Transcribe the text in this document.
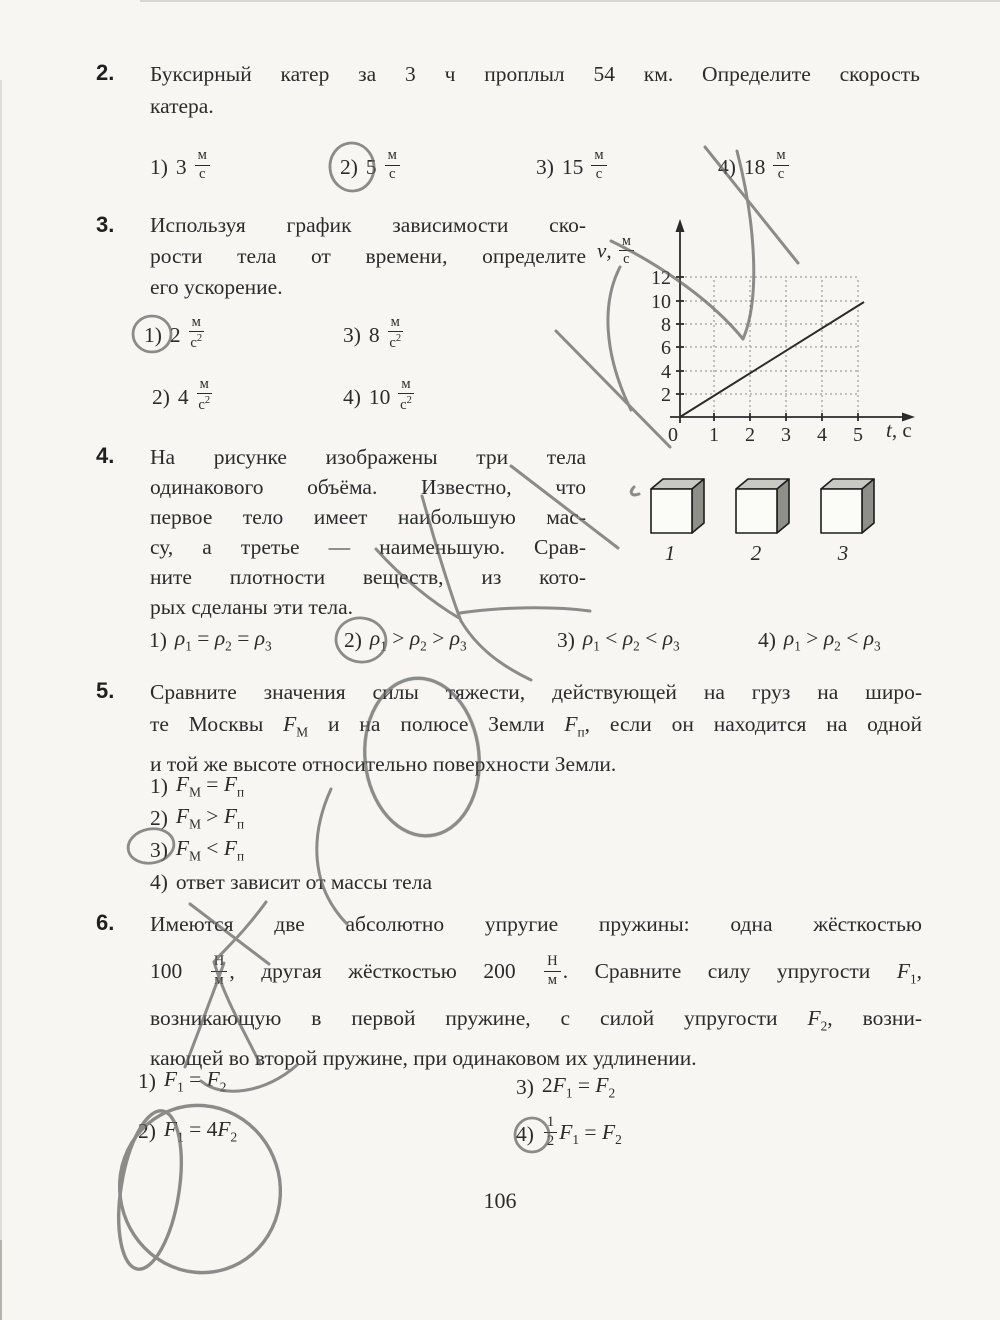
2. Буксирный катер за 3 ч проплыл 54 км. Определите скорость
катера.
1) $3 \frac{м}{с}$	2) $5 \frac{м}{с}$	3) $15 \frac{м}{с}$	4) $18 \frac{м}{с}$
3. Используя график зависимости ско-
рости тела от времени, определите
его ускорение.
1) $2 \frac{м}{с^2}$	3) $8 \frac{м}{с^2}$
2) $4 \frac{м}{с^2}$	4) $10 \frac{м}{с^2}$
0 1 2 3 4 5
2
4
6
8
10
12
v, $\frac{м}{с}$
t, с
4. На рисунке изображены три тела
одинакового объёма. Известно, что
первое тело имеет наибольшую мас-
су, а третье — наименьшую. Срав-
ните плотности веществ, из кото-
рых сделаны эти тела.
1	2	3
1) $\rho_1 = \rho_2 = \rho_3$	2) $\rho_1 > \rho_2 > \rho_3$	3) $\rho_1 < \rho_2 < \rho_3$	4) $\rho_1 > \rho_2 < \rho_3$
5. Сравните значения силы тяжести, действующей на груз на широ-
те Москвы $F_М$ и на полюсе Земли $F_п$, если он находится на одной
и той же высоте относительно поверхности Земли.
1) $F_М = F_п$
2) $F_М > F_п$
3) $F_М < F_п$
4) ответ зависит от массы тела
6. Имеются две абсолютно упругие пружины: одна жёсткостью
$100 \frac{Н}{м}$ , другая жёсткостью $200 \frac{Н}{м}$ . Сравните силу упругости $F_1$,
возникающую в первой пружине, с силой упругости $F_2$, возни-
кающей во второй пружине, при одинаковом их удлинении.
1) $F_1 = F_2$	3) $2F_1 = F_2$
2) $F_1 = 4F_2$	$4) \frac{1}{2} F_1 = F_2$
106
